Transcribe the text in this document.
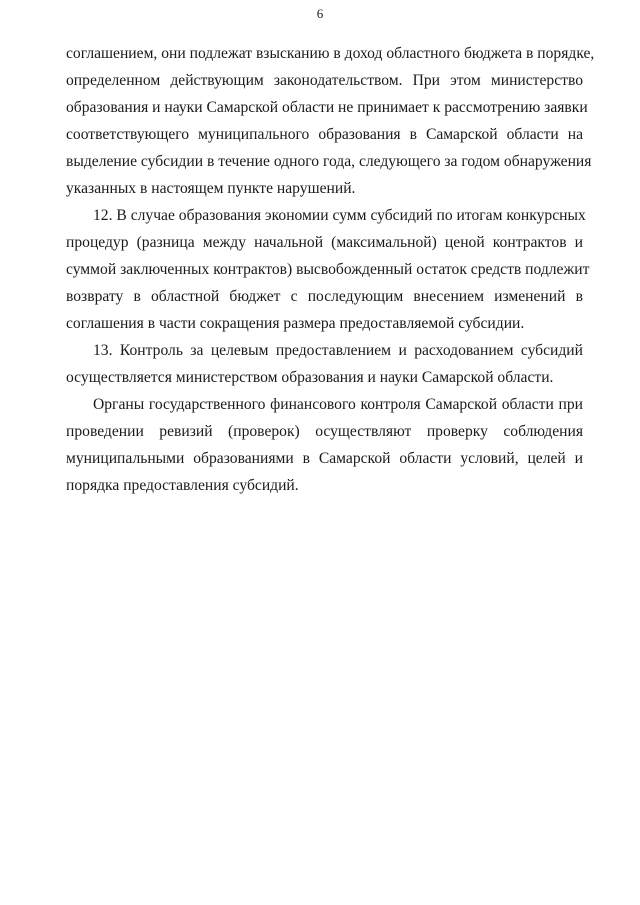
6
соглашением, они подлежат взысканию в доход областного бюджета в порядке,
определенном действующим законодательством. При этом министерство
образования и науки Самарской области не принимает к рассмотрению заявки
соответствующего муниципального образования в Самарской области на
выделение субсидии в течение одного года, следующего за годом обнаружения
указанных в настоящем пункте нарушений.
12. В случае образования экономии сумм субсидий по итогам конкурсных
процедур (разница между начальной (максимальной) ценой контрактов и
суммой заключенных контрактов) высвобожденный остаток средств подлежит
возврату в областной бюджет с последующим внесением изменений в
соглашения в части сокращения размера предоставляемой субсидии.
13. Контроль за целевым предоставлением и расходованием субсидий
осуществляется министерством образования и науки Самарской области.
Органы государственного финансового контроля Самарской области при
проведении ревизий (проверок) осуществляют проверку соблюдения
муниципальными образованиями в Самарской области условий, целей и
порядка предоставления субсидий.
